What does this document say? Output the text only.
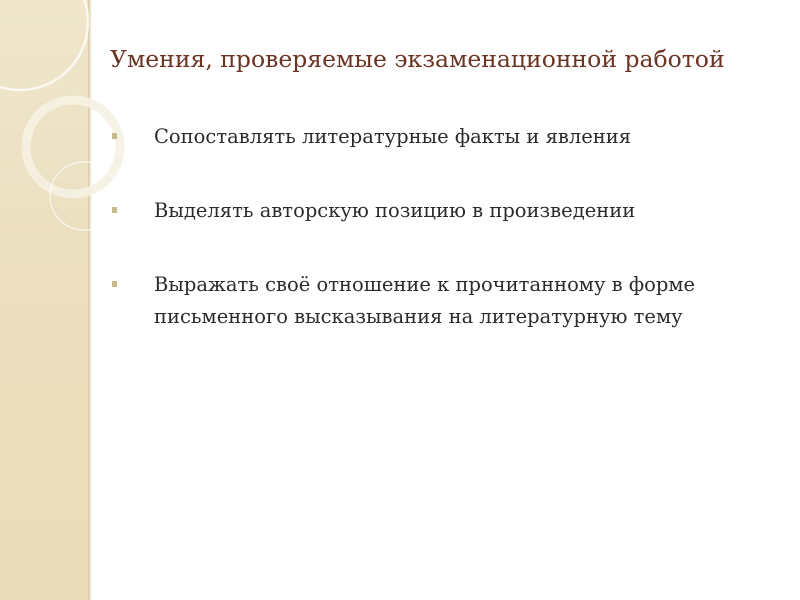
Умения, проверяемые экзаменационной работой
Сопоставлять литературные факты и явления
Выделять авторскую позицию в произведении
Выражать своё отношение к прочитанному в форме письменного высказывания на литературную тему
